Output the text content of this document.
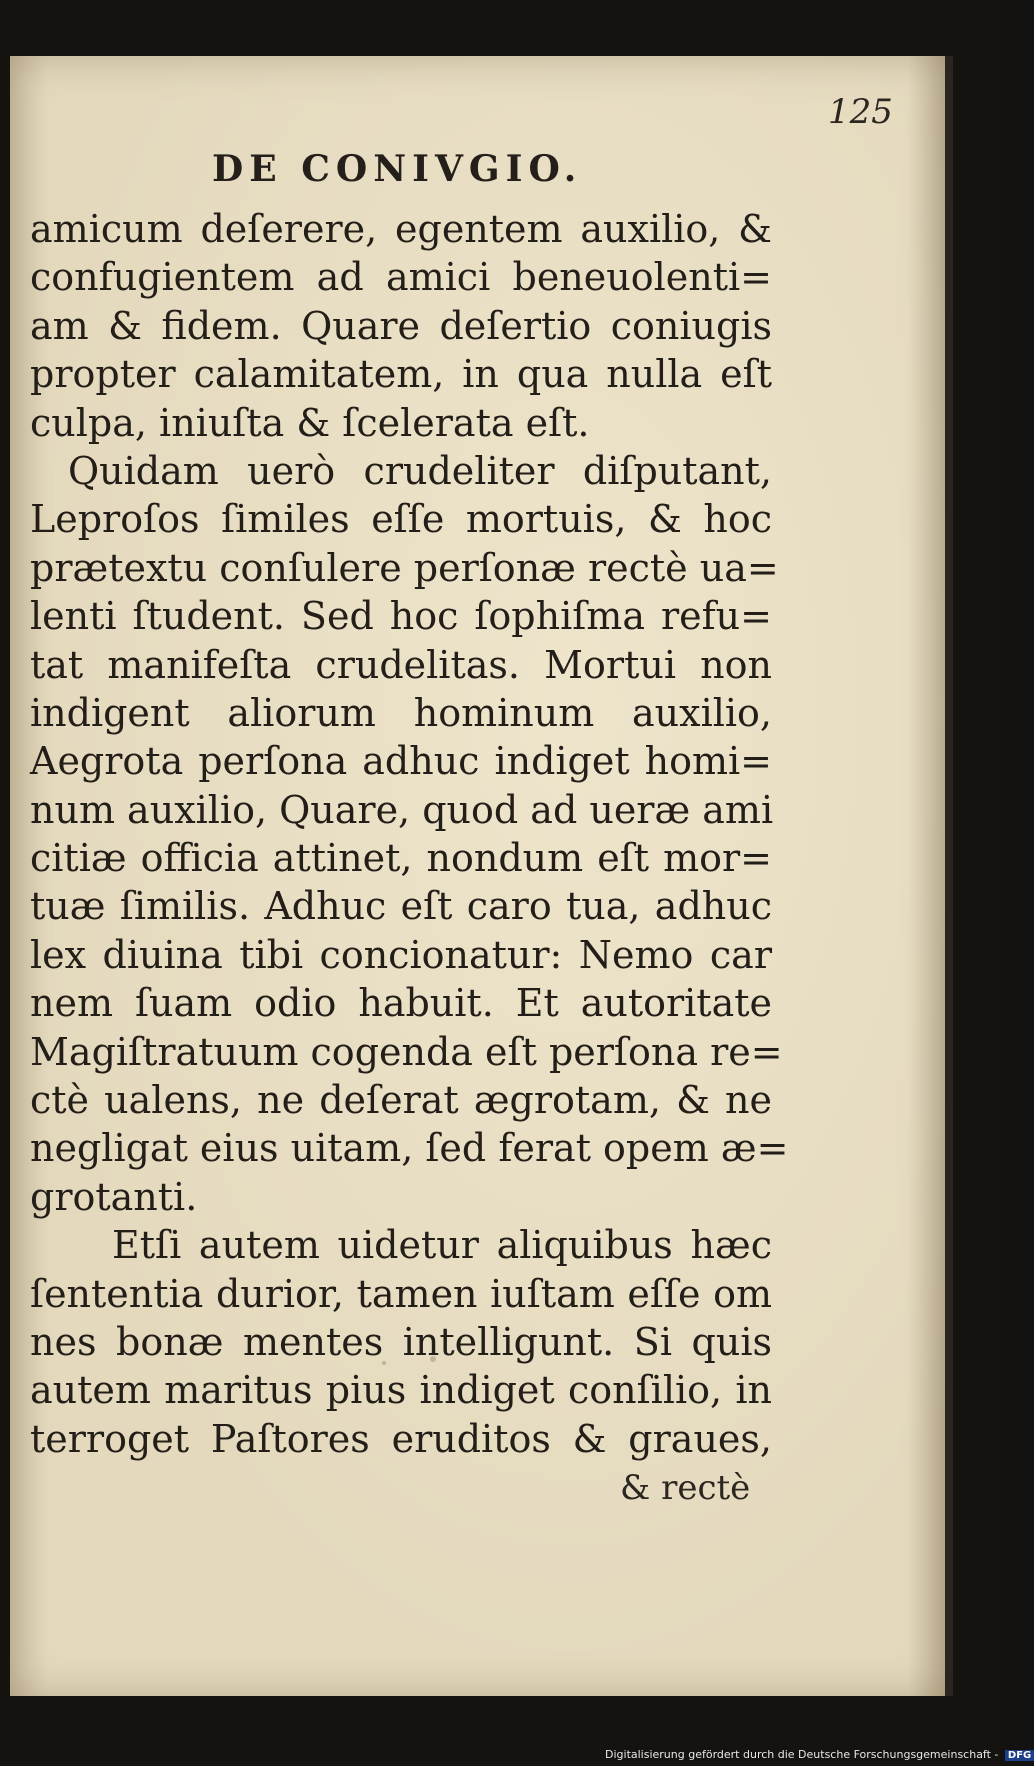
125
DE CONIVGIO.
amicum deſerere, egentem auxilio, &
confugientem ad amici beneuolenti=
am & fidem. Quare deſertio coniugis
propter calamitatem, in qua nulla eſt
culpa, iniuſta & ſcelerata eſt.
Quidam uerò crudeliter diſputant,
Leproſos ſimiles eſſe mortuis, & hoc
prætextu conſulere perſonæ rectè ua=
lenti ſtudent. Sed hoc ſophiſma refu=
tat manifeſta crudelitas. Mortui non
indigent aliorum hominum auxilio,
Aegrota perſona adhuc indiget homi=
num auxilio, Quare, quod ad ueræ ami
citiæ officia attinet, nondum eſt mor=
tuæ ſimilis. Adhuc eſt caro tua, adhuc
lex diuina tibi concionatur: Nemo car
nem ſuam odio habuit. Et autoritate
Magiſtratuum cogenda eſt perſona re=
ctè ualens, ne deſerat ægrotam, & ne
negligat eius uitam, ſed ferat opem æ=
grotanti.
Etſi autem uidetur aliquibus hæc
ſententia durior, tamen iuſtam eſſe om
nes bonæ mentes intelligunt. Si quis
autem maritus pius indiget conſilio, in
terroget Paſtores eruditos & graues,
& rectè
Digitalisierung gefördert durch die Deutsche Forschungsgemeinschaft - DFG
